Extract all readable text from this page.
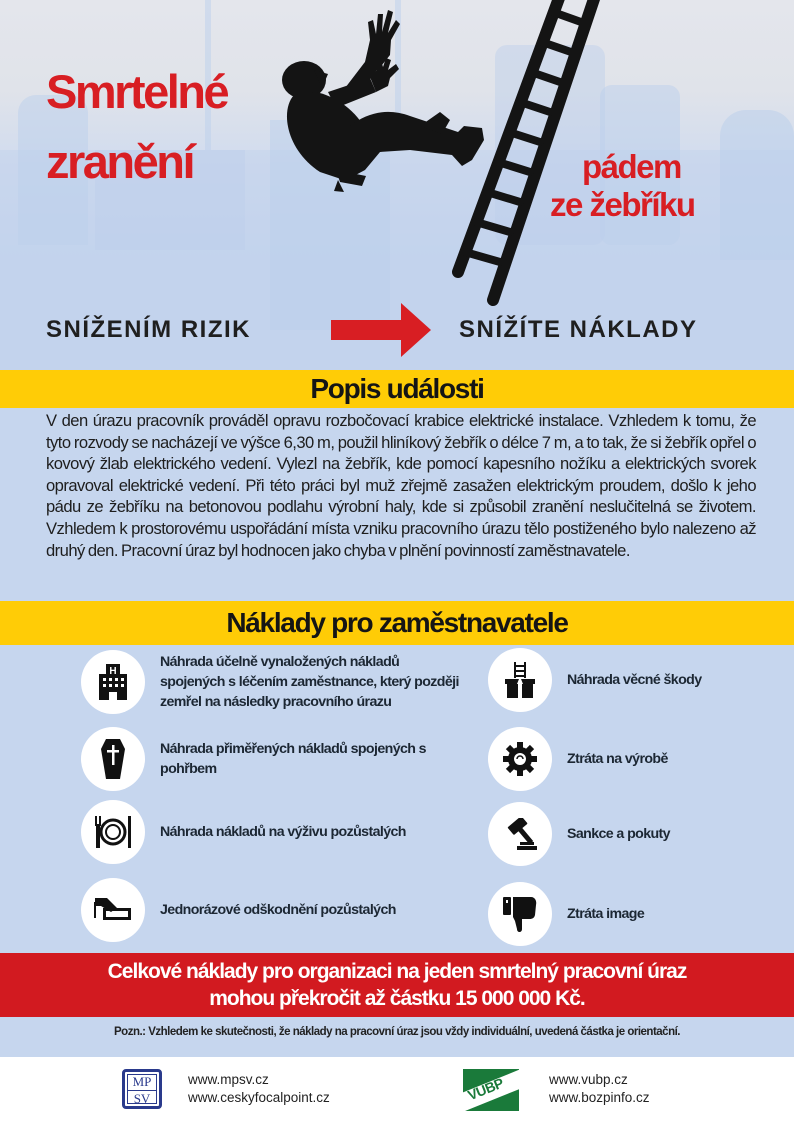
Smrtelné
zranění	pádem
ze žebříku
SNÍŽENÍM RIZIK	SNÍŽÍTE NÁKLADY
Popis události
V den úrazu pracovník prováděl opravu rozbočovací krabice elektrické instalace. Vzhledem k tomu, že tyto rozvody se nacházejí ve výšce 6,30 m, použil hliníkový žebřík o délce 7 m, a to tak, že si žebřík opřel o kovový žlab elektrického vedení. Vylezl na žebřík, kde pomocí kapesního nožíku a elektrických svorek opravoval elektrické vedení. Při této práci byl muž zřejmě zasažen elektrickým proudem, došlo k jeho pádu ze žebříku na betonovou podlahu výrobní haly, kde si způsobil zranění neslučitelná se životem. Vzhledem k prostorovému uspořádání místa vzniku pracovního úrazu tělo postiženého bylo nalezeno až druhý den. Pracovní úraz byl hodnocen jako chyba v plnění povinností zaměstnavatele.
Náklady pro zaměstnavatele
H
Náhrada účelně vynaložených nákladů spojených s léčením zaměstnance, který později zemřel na následky pracovního úrazu
Náhrada přiměřených nákladů spojených s pohřbem
Náhrada nákladů na výživu pozůstalých
Jednorázové odškodnění pozůstalých
Náhrada věcné škody
Ztráta na výrobě
Sankce a pokuty
Ztráta image
Celkové náklady pro organizaci na jeden smrtelný pracovní úraz
mohou překročit až částku 15 000 000 Kč.
Pozn.: Vzhledem ke skutečnosti, že náklady na pracovní úraz jsou vždy individuální, uvedená částka je orientační.
MP
SV
www.mpsv.cz
www.ceskyfocalpoint.cz	VÚBP	www.vubp.cz
www.bozpinfo.cz
